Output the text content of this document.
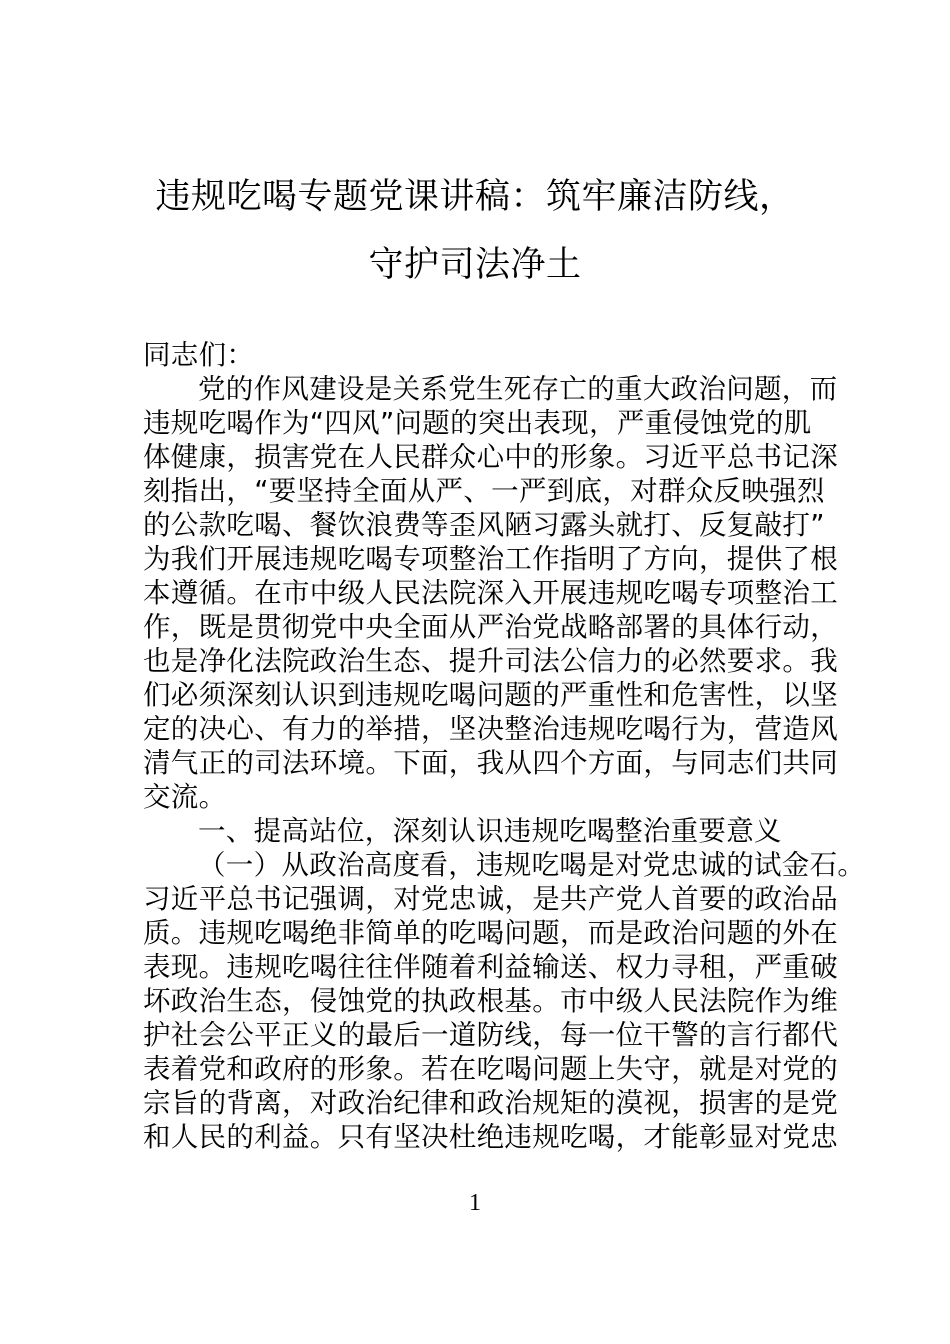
违规吃喝专题党课讲稿：筑牢廉洁防线，
守护司法净土
同志们：
党的作风建设是关系党生死存亡的重大政治问题，而
违规吃喝作为“四风”问题的突出表现，严重侵蚀党的肌
体健康，损害党在人民群众心中的形象。习近平总书记深
刻指出，“要坚持全面从严、一严到底，对群众反映强烈
的公款吃喝、餐饮浪费等歪风陋习露头就打、反复敲打”
为我们开展违规吃喝专项整治工作指明了方向，提供了根
本遵循。在市中级人民法院深入开展违规吃喝专项整治工
作，既是贯彻党中央全面从严治党战略部署的具体行动，
也是净化法院政治生态、提升司法公信力的必然要求。我
们必须深刻认识到违规吃喝问题的严重性和危害性，以坚
定的决心、有力的举措，坚决整治违规吃喝行为，营造风
清气正的司法环境。下面，我从四个方面，与同志们共同
交流。
一、提高站位，深刻认识违规吃喝整治重要意义
（一）从政治高度看，违规吃喝是对党忠诚的试金石。
习近平总书记强调，对党忠诚，是共产党人首要的政治品
质。违规吃喝绝非简单的吃喝问题，而是政治问题的外在
表现。违规吃喝往往伴随着利益输送、权力寻租，严重破
坏政治生态，侵蚀党的执政根基。市中级人民法院作为维
护社会公平正义的最后一道防线，每一位干警的言行都代
表着党和政府的形象。若在吃喝问题上失守，就是对党的
宗旨的背离，对政治纪律和政治规矩的漠视，损害的是党
和人民的利益。只有坚决杜绝违规吃喝，才能彰显对党忠
1
